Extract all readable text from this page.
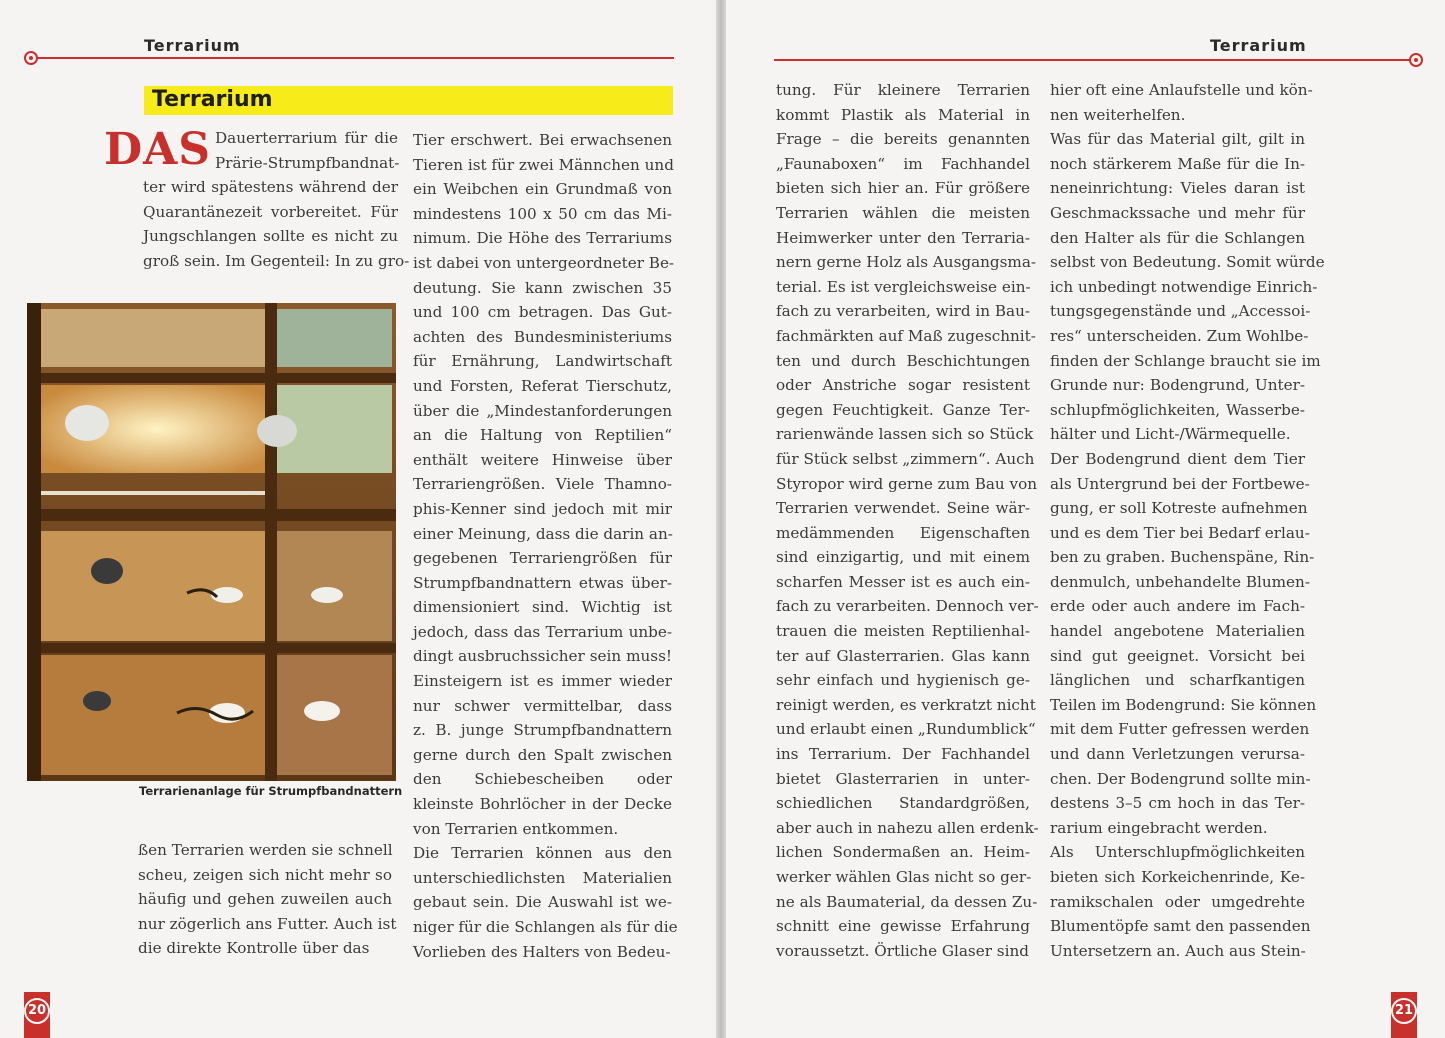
Terrarium
Terrarium
DAS Dauerterrarium für die
Prärie-Strumpfbandnat-
ter wird spätestens während der
Quarantänezeit vorbereitet. Für
Jungschlangen sollte es nicht zu
groß sein. Im Gegenteil: In zu gro-
Terrarienanlage für Strumpfbandnattern
ßen Terrarien werden sie schnell
scheu, zeigen sich nicht mehr so
häufig und gehen zuweilen auch
nur zögerlich ans Futter. Auch ist
die direkte Kontrolle über das
Tier erschwert. Bei erwachsenen
Tieren ist für zwei Männchen und
ein Weibchen ein Grundmaß von
mindestens 100 x 50 cm das Mi-
nimum. Die Höhe des Terrariums
ist dabei von untergeordneter Be-
deutung. Sie kann zwischen 35
und 100 cm betragen. Das Gut-
achten des Bundesministeriums
für Ernährung, Landwirtschaft
und Forsten, Referat Tierschutz,
über die „Mindestanforderungen
an die Haltung von Reptilien“
enthält weitere Hinweise über
Terrariengrößen. Viele Thamno-
phis-Kenner sind jedoch mit mir
einer Meinung, dass die darin an-
gegebenen Terrariengrößen für
Strumpfbandnattern etwas über-
dimensioniert sind. Wichtig ist
jedoch, dass das Terrarium unbe-
dingt ausbruchssicher sein muss!
Einsteigern ist es immer wieder
nur schwer vermittelbar, dass
z. B. junge Strumpfbandnattern
gerne durch den Spalt zwischen
den Schiebescheiben oder
kleinste Bohrlöcher in der Decke
von Terrarien entkommen.
Die Terrarien können aus den
unterschiedlichsten Materialien
gebaut sein. Die Auswahl ist we-
niger für die Schlangen als für die
Vorlieben des Halters von Bedeu-
20
Terrarium
tung. Für kleinere Terrarien
kommt Plastik als Material in
Frage – die bereits genannten
„Faunaboxen“ im Fachhandel
bieten sich hier an. Für größere
Terrarien wählen die meisten
Heimwerker unter den Terraria-
nern gerne Holz als Ausgangsma-
terial. Es ist vergleichsweise ein-
fach zu verarbeiten, wird in Bau-
fachmärkten auf Maß zugeschnit-
ten und durch Beschichtungen
oder Anstriche sogar resistent
gegen Feuchtigkeit. Ganze Ter-
rarienwände lassen sich so Stück
für Stück selbst „zimmern“. Auch
Styropor wird gerne zum Bau von
Terrarien verwendet. Seine wär-
medämmenden Eigenschaften
sind einzigartig, und mit einem
scharfen Messer ist es auch ein-
fach zu verarbeiten. Dennoch ver-
trauen die meisten Reptilienhal-
ter auf Glasterrarien. Glas kann
sehr einfach und hygienisch ge-
reinigt werden, es verkratzt nicht
und erlaubt einen „Rundumblick“
ins Terrarium. Der Fachhandel
bietet Glasterrarien in unter-
schiedlichen Standardgrößen,
aber auch in nahezu allen erdenk-
lichen Sondermaßen an. Heim-
werker wählen Glas nicht so ger-
ne als Baumaterial, da dessen Zu-
schnitt eine gewisse Erfahrung
voraussetzt. Örtliche Glaser sind
hier oft eine Anlaufstelle und kön-
nen weiterhelfen.
Was für das Material gilt, gilt in
noch stärkerem Maße für die In-
neneinrichtung: Vieles daran ist
Geschmackssache und mehr für
den Halter als für die Schlangen
selbst von Bedeutung. Somit würde
ich unbedingt notwendige Einrich-
tungsgegenstände und „Accessoi-
res“ unterscheiden. Zum Wohlbe-
finden der Schlange braucht sie im
Grunde nur: Bodengrund, Unter-
schlupfmöglichkeiten, Wasserbe-
hälter und Licht-/Wärmequelle.
Der Bodengrund dient dem Tier
als Untergrund bei der Fortbewe-
gung, er soll Kotreste aufnehmen
und es dem Tier bei Bedarf erlau-
ben zu graben. Buchenspäne, Rin-
denmulch, unbehandelte Blumen-
erde oder auch andere im Fach-
handel angebotene Materialien
sind gut geeignet. Vorsicht bei
länglichen und scharfkantigen
Teilen im Bodengrund: Sie können
mit dem Futter gefressen werden
und dann Verletzungen verursa-
chen. Der Bodengrund sollte min-
destens 3–5 cm hoch in das Ter-
rarium eingebracht werden.
Als Unterschlupfmöglichkeiten
bieten sich Korkeichenrinde, Ke-
ramikschalen oder umgedrehte
Blumentöpfe samt den passenden
Untersetzern an. Auch aus Stein-
21
